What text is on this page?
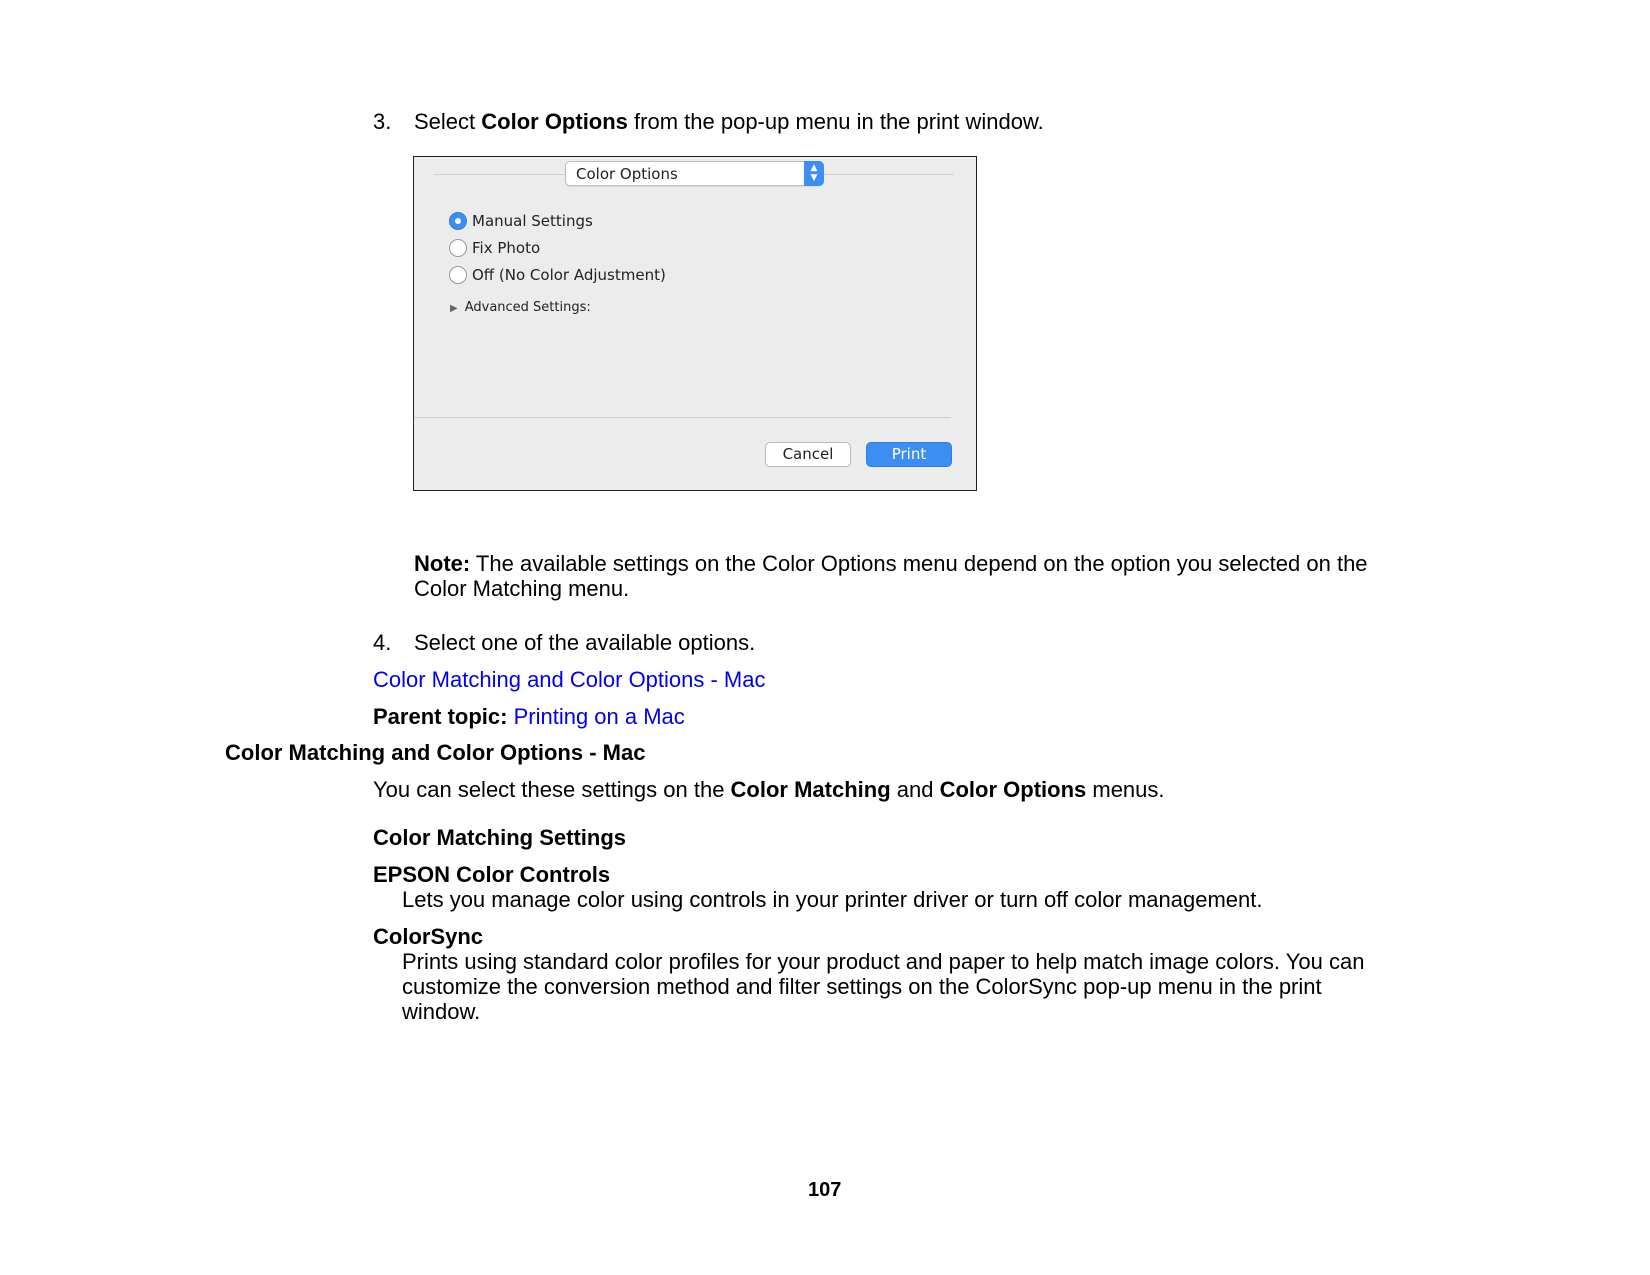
3. Select Color Options from the pop-up menu in the print window.
Color Options	▲
▼
Manual Settings
Fix Photo
Off (No Color Adjustment)
▶ Advanced Settings:
Cancel	Print
Note: The available settings on the Color Options menu depend on the option you selected on the
Color Matching menu.
4. Select one of the available options.
Color Matching and Color Options - Mac
Parent topic: Printing on a Mac
Color Matching and Color Options - Mac
You can select these settings on the Color Matching and Color Options menus.
Color Matching Settings
EPSON Color Controls
Lets you manage color using controls in your printer driver or turn off color management.
ColorSync
Prints using standard color profiles for your product and paper to help match image colors. You can
customize the conversion method and filter settings on the ColorSync pop-up menu in the print
window.
107
